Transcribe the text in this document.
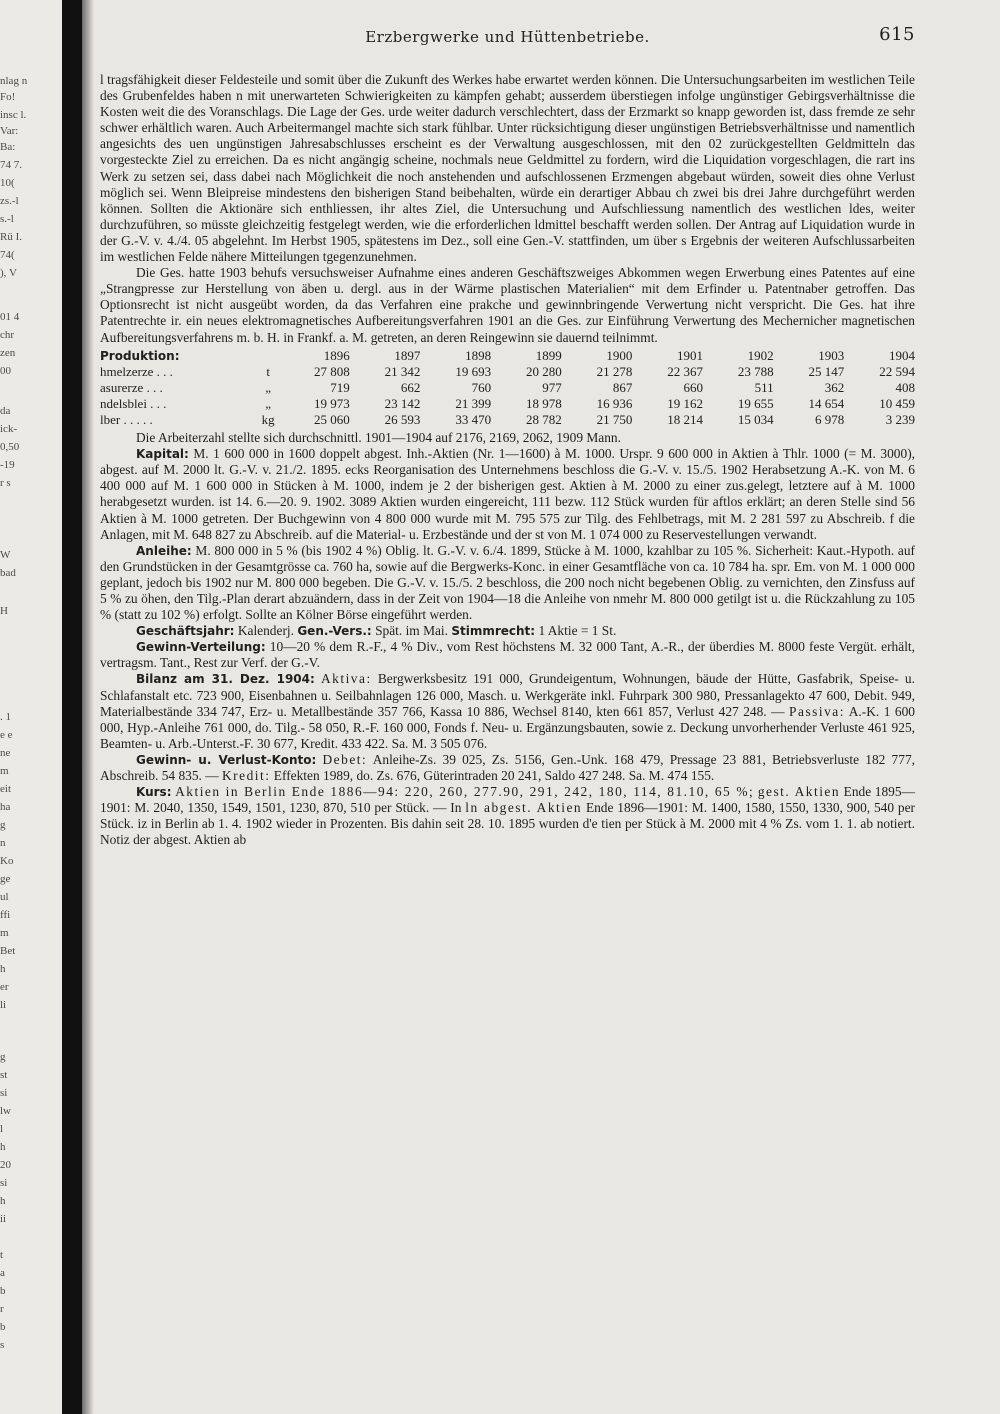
nlag n
Fo!
insc l.
Var:
Ba:
74 7.
10(
zs.-l
s.-l
Rü I.
74(
), V
01 4
chr
zen
00
da
ick-
0,50
-19
r s
W
bad
H
. 1
e e
ne
m
eit
ha
g
n
Ko
ge
ul
ffi
m
Bet
h
er
li
g
st
si
lw
l
h
20
si
h
ii
t
a
b
r
b
s
Erzbergwerke und Hüttenbetriebe.	615

l tragsfähigkeit dieser Feldesteile und somit über die Zukunft des Werkes habe erwartet werden können. Die Untersuchungsarbeiten im westlichen Teile des Grubenfeldes haben n mit unerwarteten Schwierigkeiten zu kämpfen gehabt; ausserdem überstiegen infolge ungünstiger Gebirgsverhältnisse die Kosten weit die des Voranschlags. Die Lage der Ges. urde weiter dadurch verschlechtert, dass der Erzmarkt so knapp geworden ist, dass fremde ze sehr schwer erhältlich waren. Auch Arbeitermangel machte sich stark fühlbar. Unter rücksichtigung dieser ungünstigen Betriebsverhältnisse und namentlich angesichts des uen ungünstigen Jahresabschlusses erscheint es der Verwaltung ausgeschlossen, mit den 02 zurückgestellten Geldmitteln das vorgesteckte Ziel zu erreichen. Da es nicht angängig scheine, nochmals neue Geldmittel zu fordern, wird die Liquidation vorgeschlagen, die rart ins Werk zu setzen sei, dass dabei nach Möglichkeit die noch anstehenden und aufschlossenen Erzmengen abgebaut würden, soweit dies ohne Verlust möglich sei. Wenn Bleipreise mindestens den bisherigen Stand beibehalten, würde ein derartiger Abbau ch zwei bis drei Jahre durchgeführt werden können. Sollten die Aktionäre sich enthliessen, ihr altes Ziel, die Untersuchung und Aufschliessung namentlich des westlichen ldes, weiter durchzuführen, so müsste gleichzeitig festgelegt werden, wie die erforderlichen ldmittel beschafft werden sollen. Der Antrag auf Liquidation wurde in der G.-V. v. 4./4. 05 abgelehnt. Im Herbst 1905, spätestens im Dez., soll eine Gen.-V. stattfinden, um über s Ergebnis der weiteren Aufschlussarbeiten im westlichen Felde nähere Mitteilungen tgegenzunehmen.

Die Ges. hatte 1903 behufs versuchsweiser Aufnahme eines anderen Geschäftszweiges Abkommen wegen Erwerbung eines Patentes auf eine „Strangpresse zur Herstellung von äben u. dergl. aus in der Wärme plastischen Materialien“ mit dem Erfinder u. Patentnaber getroffen. Das Optionsrecht ist nicht ausgeübt worden, da das Verfahren eine prakche und gewinnbringende Verwertung nicht verspricht. Die Ges. hat ihre Patentrechte ir. ein neues elektromagnetisches Aufbereitungsverfahren 1901 an die Ges. zur Einführung Verwertung des Mechernicher magnetischen Aufbereitungsverfahrens m. b. H. in Frankf. a. M. getreten, an deren Reingewinn sie dauernd teilnimmt.

Produktion:		1896	1897	1898	1899	1900	1901	1902	1903	1904
hmelzerze . . .	t	27 808	21 342	19 693	20 280	21 278	22 367	23 788	25 147	22 594
asurerze . . .	„	719	662	760	977	867	660	511	362	408
ndelsblei . . .	„	19 973	23 142	21 399	18 978	16 936	19 162	19 655	14 654	10 459
lber . . . . .	kg	25 060	26 593	33 470	28 782	21 750	18 214	15 034	6 978	3 239

Die Arbeiterzahl stellte sich durchschnittl. 1901—1904 auf 2176, 2169, 2062, 1909 Mann.

Kapital: M. 1 600 000 in 1600 doppelt abgest. Inh.-Aktien (Nr. 1—1600) à M. 1000. Urspr. 9 600 000 in Aktien à Thlr. 1000 (= M. 3000), abgest. auf M. 2000 lt. G.-V. v. 21./2. 1895. ecks Reorganisation des Unternehmens beschloss die G.-V. v. 15./5. 1902 Herabsetzung A.-K. von M. 6 400 000 auf M. 1 600 000 in Stücken à M. 1000, indem je 2 der bisherigen gest. Aktien à M. 2000 zu einer zus.gelegt, letztere auf à M. 1000 herabgesetzt wurden. ist 14. 6.—20. 9. 1902. 3089 Aktien wurden eingereicht, 111 bezw. 112 Stück wurden für aftlos erklärt; an deren Stelle sind 56 Aktien à M. 1000 getreten. Der Buchgewinn von 4 800 000 wurde mit M. 795 575 zur Tilg. des Fehlbetrags, mit M. 2 281 597 zu Abschreib. f die Anlagen, mit M. 648 827 zu Abschreib. auf die Material- u. Erzbestände und der st von M. 1 074 000 zu Reservestellungen verwandt.

Anleihe: M. 800 000 in 5 % (bis 1902 4 %) Oblig. lt. G.-V. v. 6./4. 1899, Stücke à M. 1000, kzahlbar zu 105 %. Sicherheit: Kaut.-Hypoth. auf den Grundstücken in der Gesamtgrösse ca. 760 ha, sowie auf die Bergwerks-Konc. in einer Gesamtfläche von ca. 10 784 ha. spr. Em. von M. 1 000 000 geplant, jedoch bis 1902 nur M. 800 000 begeben. Die G.-V. v. 15./5. 2 beschloss, die 200 noch nicht begebenen Oblig. zu vernichten, den Zinsfuss auf 5 % zu öhen, den Tilg.-Plan derart abzuändern, dass in der Zeit von 1904—18 die Anleihe von nmehr M. 800 000 getilgt ist u. die Rückzahlung zu 105 % (statt zu 102 %) erfolgt. Sollte an Kölner Börse eingeführt werden.

Geschäftsjahr: Kalenderj. Gen.-Vers.: Spät. im Mai. Stimmrecht: 1 Aktie = 1 St.

Gewinn-Verteilung: 10—20 % dem R.-F., 4 % Div., vom Rest höchstens M. 32 000 Tant, A.-R., der überdies M. 8000 feste Vergüt. erhält, vertragsm. Tant., Rest zur Verf. der G.-V.

Bilanz am 31. Dez. 1904: Aktiva: Bergwerksbesitz 191 000, Grundeigentum, Wohnungen, bäude der Hütte, Gasfabrik, Speise- u. Schlafanstalt etc. 723 900, Eisenbahnen u. Seilbahnlagen 126 000, Masch. u. Werkgeräte inkl. Fuhrpark 300 980, Pressanlagekto 47 600, Debit. 949, Materialbestände 334 747, Erz- u. Metallbestände 357 766, Kassa 10 886, Wechsel 8140, kten 661 857, Verlust 427 248. — Passiva: A.-K. 1 600 000, Hyp.-Anleihe 761 000, do. Tilg.- 58 050, R.-F. 160 000, Fonds f. Neu- u. Ergänzungsbauten, sowie z. Deckung unvorherhender Verluste 461 925, Beamten- u. Arb.-Unterst.-F. 30 677, Kredit. 433 422. Sa. M. 3 505 076.

Gewinn- u. Verlust-Konto: Debet: Anleihe-Zs. 39 025, Zs. 5156, Gen.-Unk. 168 479, Pressage 23 881, Betriebsverluste 182 777, Abschreib. 54 835. — Kredit: Effekten 1989, do. Zs. 676, Güterintraden 20 241, Saldo 427 248. Sa. M. 474 155.

Kurs: Aktien in Berlin Ende 1886—94: 220, 260, 277.90, 291, 242, 180, 114, 81.10, 65 %; gest. Aktien Ende 1895—1901: M. 2040, 1350, 1549, 1501, 1230, 870, 510 per Stück. — In ln abgest. Aktien Ende 1896—1901: M. 1400, 1580, 1550, 1330, 900, 540 per Stück. iz in Berlin ab 1. 4. 1902 wieder in Prozenten. Bis dahin seit 28. 10. 1895 wurden d'e tien per Stück à M. 2000 mit 4 % Zs. vom 1. 1. ab notiert. Notiz der abgest. Aktien ab
